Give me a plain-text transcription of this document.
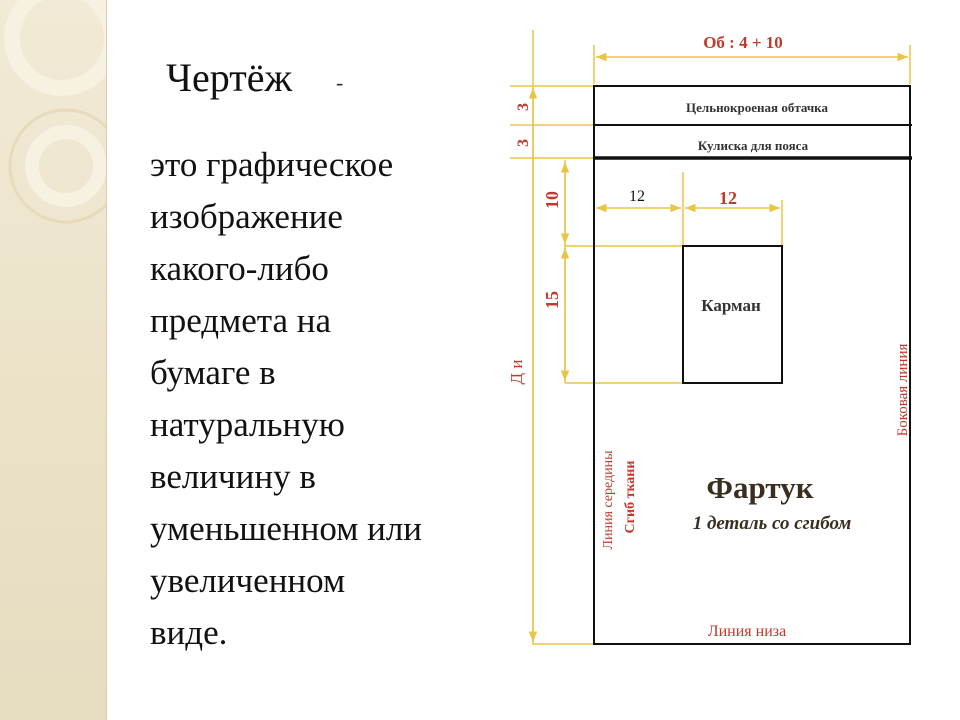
Чертёж -
это графическое
изображение
какого-либо
предмета на
бумаге в
натуральную
величину в
уменьшенном или
увеличенном
виде.
Об : 4 + 10
Цельнокроеная обтачка
Кулиска для пояса
3
3
10
15
Д и
12	12
Карман
Фартук
1 деталь со сгибом
Боковая линия
Линия середины Сгиб ткани
Линия низа
